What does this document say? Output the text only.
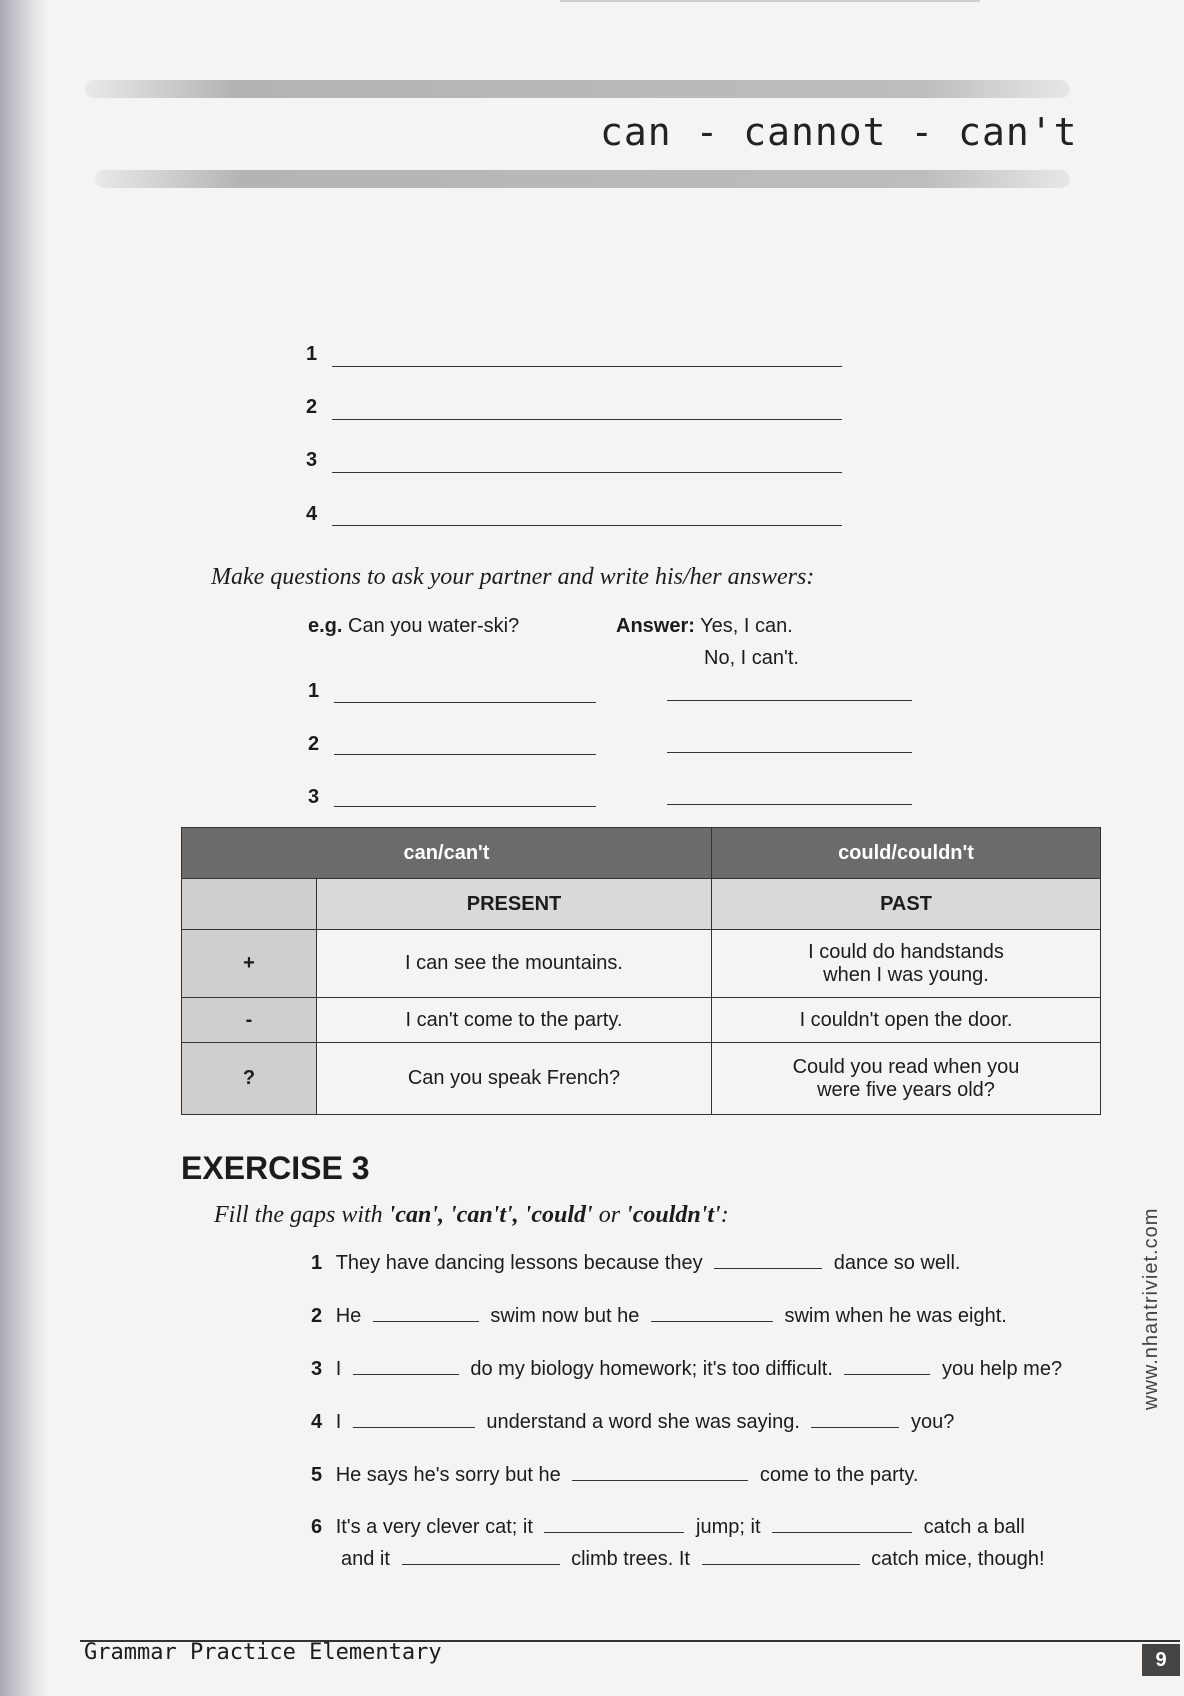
can - cannot - can't
1
2
3
4
Make questions to ask your partner and write his/her answers:
e.g. Can you water-ski?	Answer: Yes, I can.
No, I can't.
1
2
3
can/can't		could/couldn't
	PRESENT	PAST
+	I can see the mountains.	I could do handstands
when I was young.

-	I can't come to the party.	I couldn't open the door.
?	Can you speak French?	Could you read when you
were five years old?
EXERCISE 3
Fill the gaps with 'can', 'can't', 'could' or 'couldn't':
1 They have dancing lessons because they	dance so well.
2 He	swim now but he	swim when he was eight.
3 I	do my biology homework; it's too difficult.	you help me?
4 I	understand a word she was saying.	you?
5 He says he's sorry but he	come to the party.
6 It's a very clever cat; it	jump; it	catch a ball
and it	climb trees. It	catch mice, though!
www.nhantriviet.com
Grammar Practice Elementary	9
